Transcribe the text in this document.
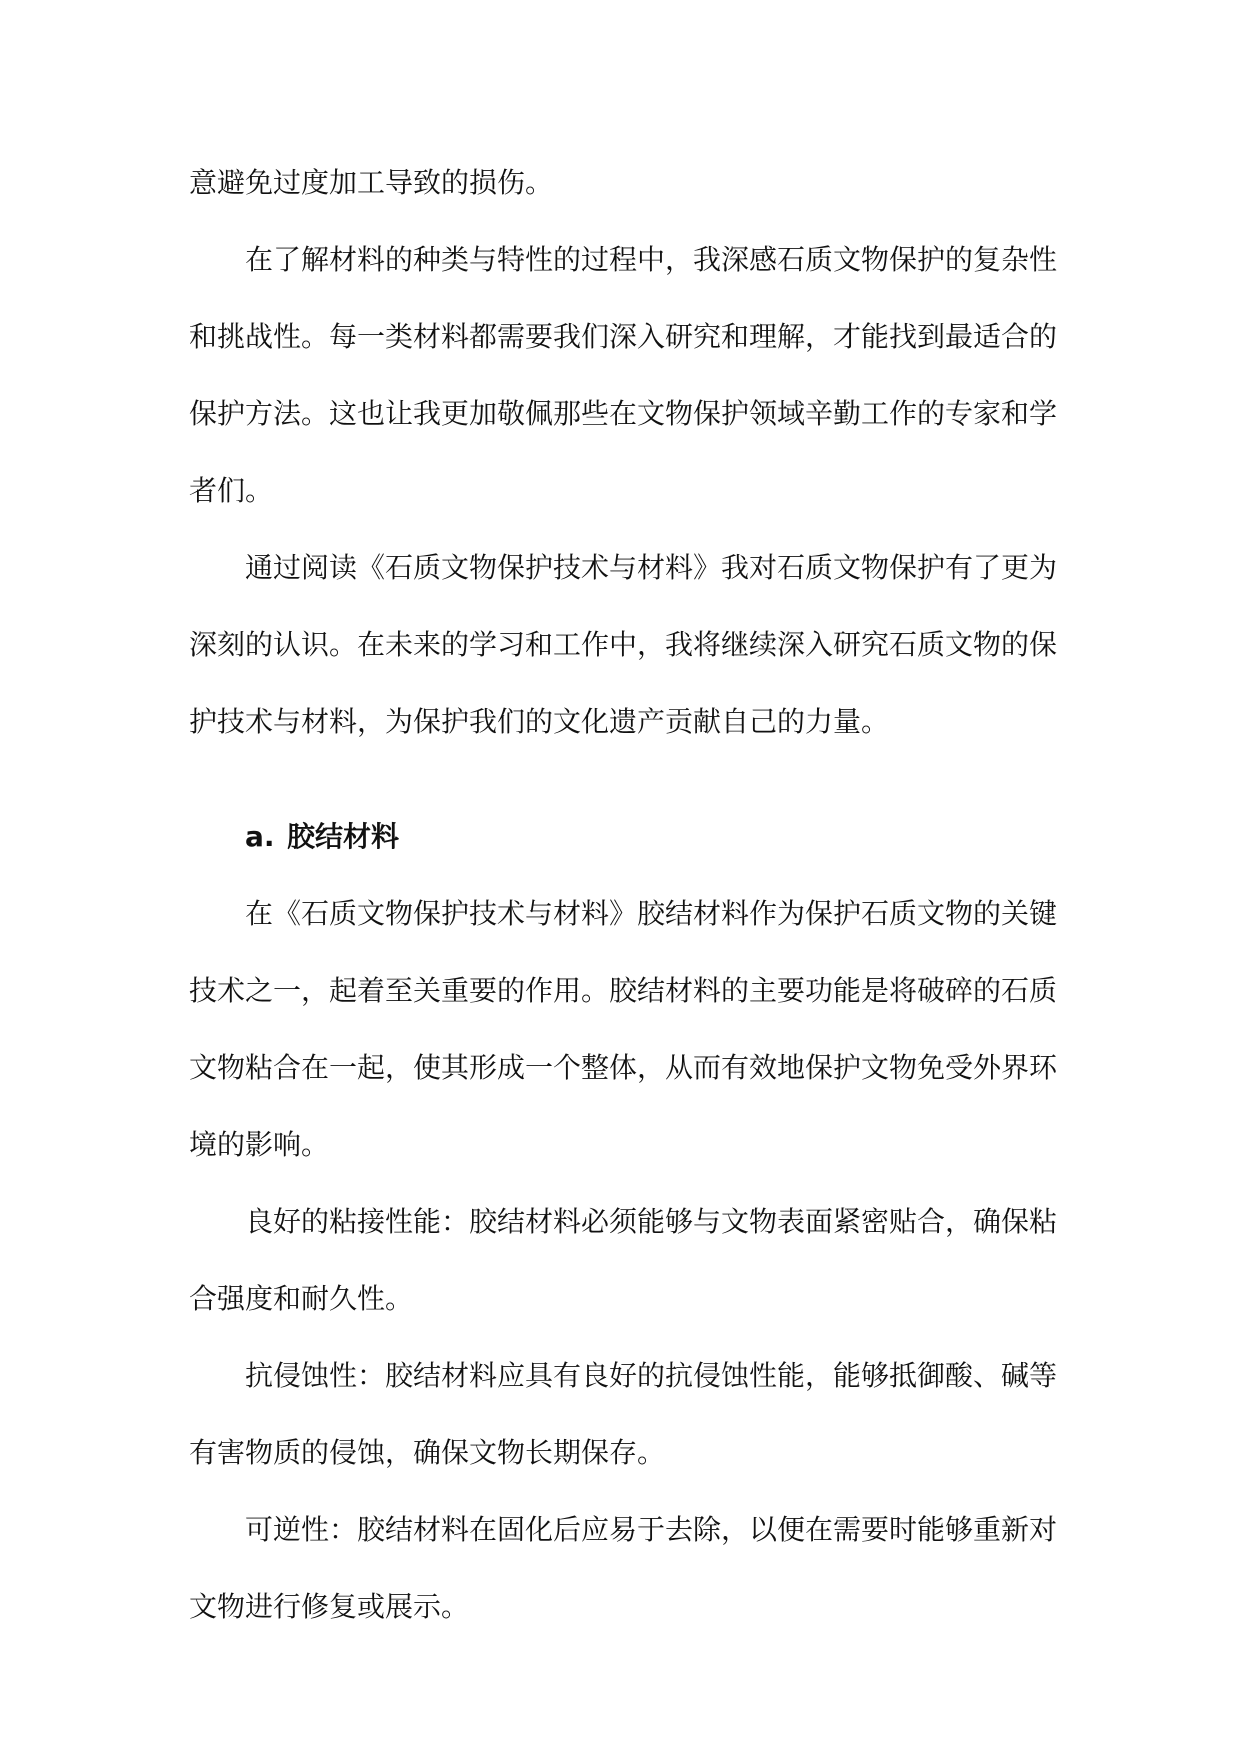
意避免过度加工导致的损伤。

在了解材料的种类与特性的过程中，我深感石质文物保护的复杂性和挑战性。每一类材料都需要我们深入研究和理解，才能找到最适合的保护方法。这也让我更加敬佩那些在文物保护领域辛勤工作的专家和学者们。

通过阅读《石质文物保护技术与材料》我对石质文物保护有了更为深刻的认识。在未来的学习和工作中，我将继续深入研究石质文物的保护技术与材料，为保护我们的文化遗产贡献自己的力量。

a. 胶结材料

在《石质文物保护技术与材料》胶结材料作为保护石质文物的关键技术之一，起着至关重要的作用。胶结材料的主要功能是将破碎的石质文物粘合在一起，使其形成一个整体，从而有效地保护文物免受外界环境的影响。

良好的粘接性能：胶结材料必须能够与文物表面紧密贴合，确保粘合强度和耐久性。

抗侵蚀性：胶结材料应具有良好的抗侵蚀性能，能够抵御酸、碱等有害物质的侵蚀，确保文物长期保存。

可逆性：胶结材料在固化后应易于去除，以便在需要时能够重新对文物进行修复或展示。
